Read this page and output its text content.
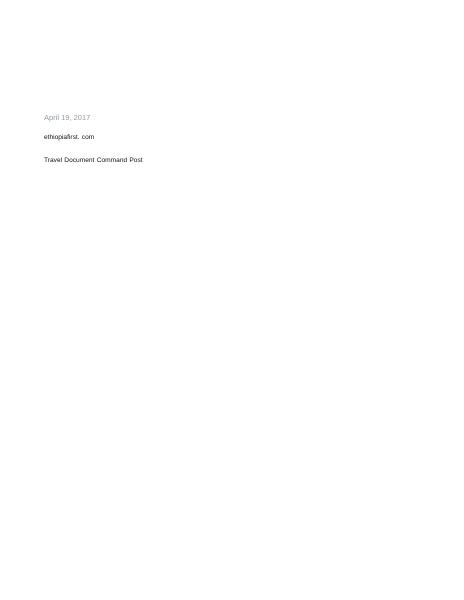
April 19, 2017

ethiopiafirst. com

Travel Document Command Post
